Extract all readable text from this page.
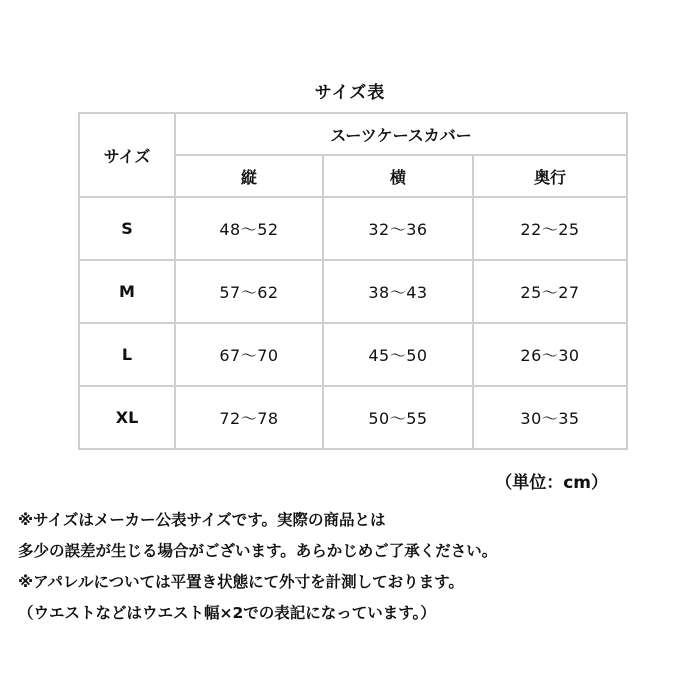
サイズ表
サイズ	スーツケースカバー		
	縦	横	奥行
S	48～52	32～36	22～25
M	57～62	38～43	25～27
L	67～70	45～50	26～30
XL	72～78	50～55	30～35
（単位：cm）
※サイズはメーカー公表サイズです。実際の商品とは
多少の誤差が生じる場合がございます。あらかじめご了承ください。
※アパレルについては平置き状態にて外寸を計測しております。
（ウエストなどはウエスト幅×2での表記になっています。）
